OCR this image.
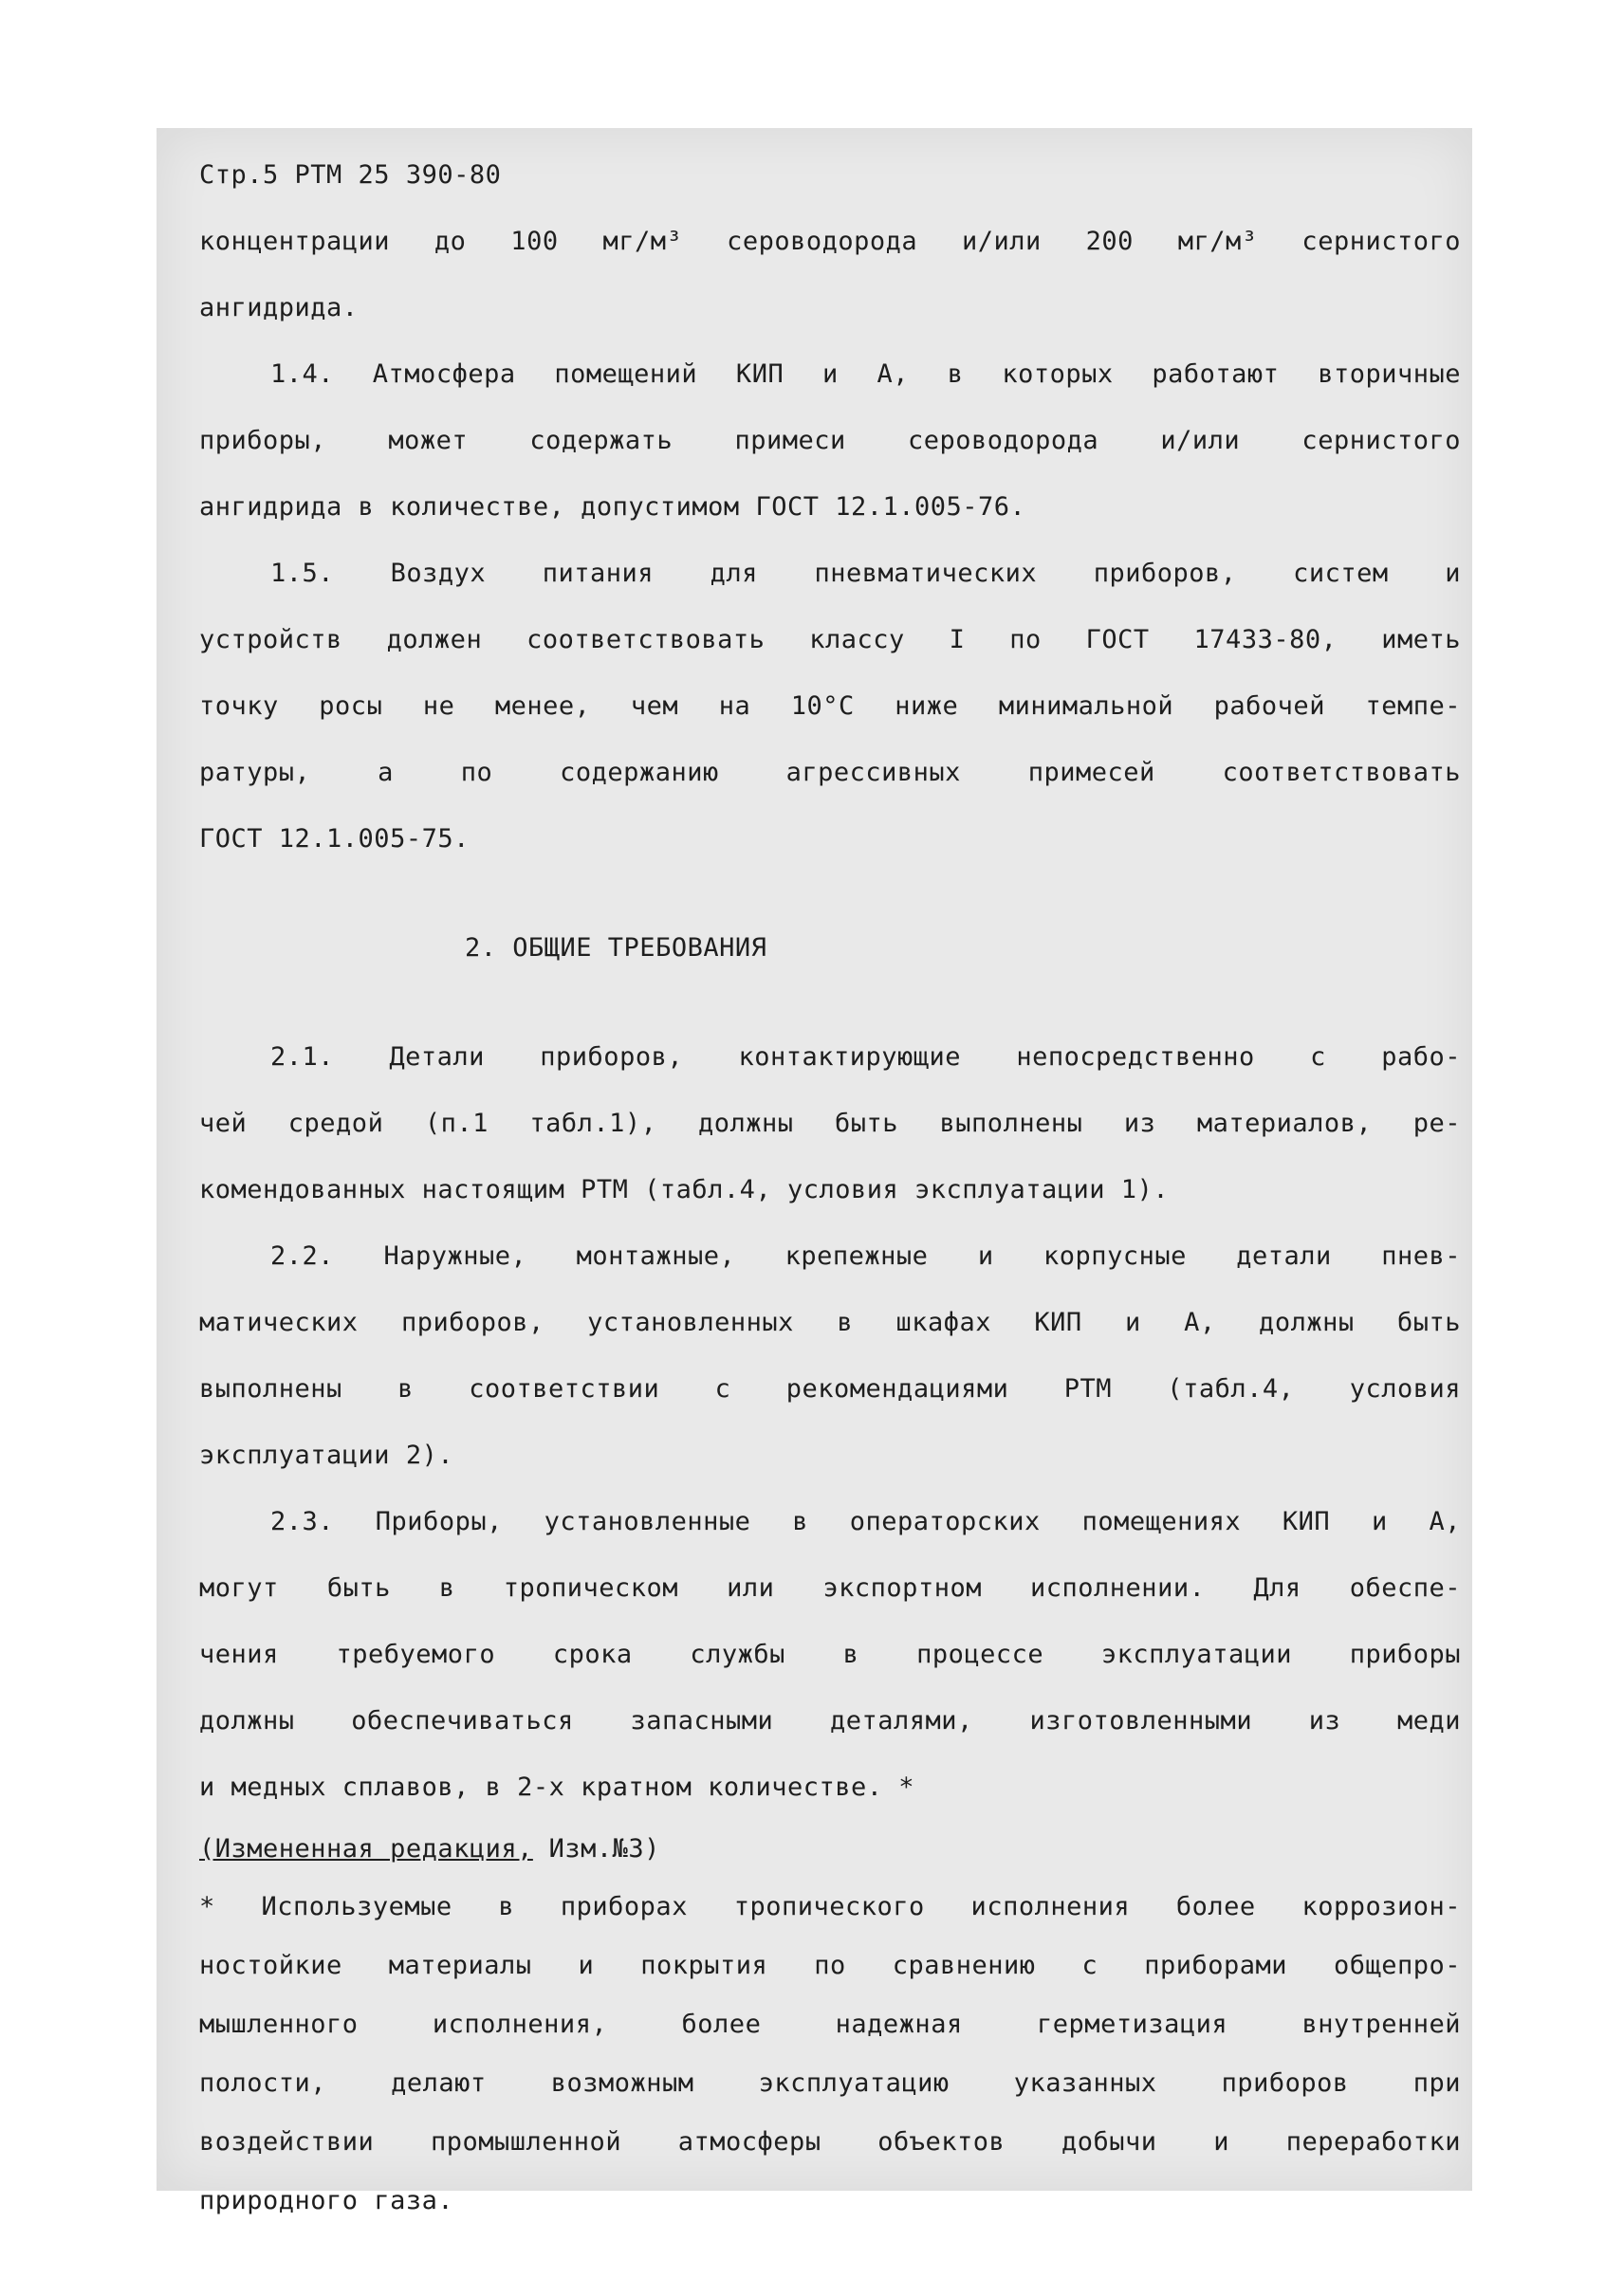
Стр.5 РТМ 25 390-80
концентрации до 100 мг/м³ сероводорода и/или 200 мг/м³ сернистого
ангидрида.
1.4. Атмосфера помещений КИП и А, в которых работают вторичные
приборы, может содержать примеси сероводорода и/или сернистого
ангидрида в количестве, допустимом ГОСТ 12.1.005-76.
1.5. Воздух питания для пневматических приборов, систем и
устройств должен соответствовать классу I по ГОСТ 17433-80, иметь
точку росы не менее, чем на 10°С ниже минимальной рабочей темпе-
ратуры, а по содержанию агрессивных примесей соответствовать
ГОСТ 12.1.005-75.
2. ОБЩИЕ ТРЕБОВАНИЯ
2.1. Детали приборов, контактирующие непосредственно с рабо-
чей средой (п.1 табл.1), должны быть выполнены из материалов, ре-
комендованных настоящим РТМ (табл.4, условия эксплуатации 1).
2.2. Наружные, монтажные, крепежные и корпусные детали пнев-
матических приборов, установленных в шкафах КИП и А, должны быть
выполнены в соответствии с рекомендациями РТМ (табл.4, условия
эксплуатации 2).
2.3. Приборы, установленные в операторских помещениях КИП и А,
могут быть в тропическом или экспортном исполнении. Для обеспе-
чения требуемого срока службы в процессе эксплуатации приборы
должны обеспечиваться запасными деталями, изготовленными из меди
и медных сплавов, в 2-х кратном количестве. *
(Измененная редакция, Изм.№3)
* Используемые в приборах тропического исполнения более коррозион-
ностойкие материалы и покрытия по сравнению с приборами общепро-
мышленного исполнения, более надежная герметизация внутренней
полости, делают возможным эксплуатацию указанных приборов при
воздействии промышленной атмосферы объектов добычи и переработки
природного газа.
